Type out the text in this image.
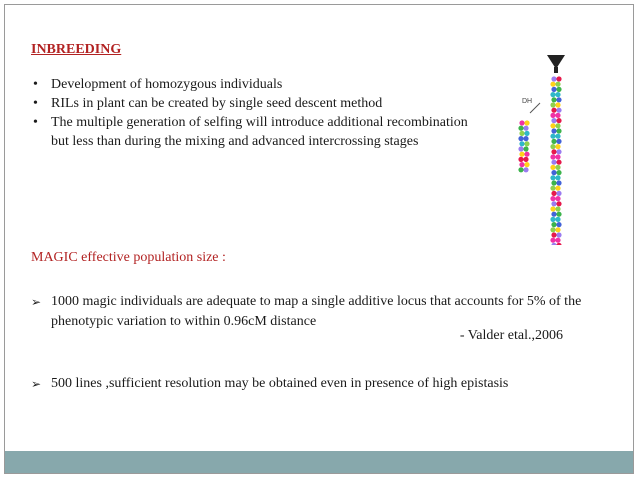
INBREEDING
• Development of homozygous individuals
• RILs in plant can be created by single seed descent method
• The multiple generation of selfing will introduce additional recombination but less than during the mixing and advanced intercrossing stages
DH
MAGIC effective population size :
➢ 1000 magic individuals are adequate to map a single additive locus that accounts for 5% of the phenotypic variation to within 0.96cM distance
➢ 500 lines ,sufficient resolution may be obtained even in presence of high epistasis
- Valder etal.,2006
